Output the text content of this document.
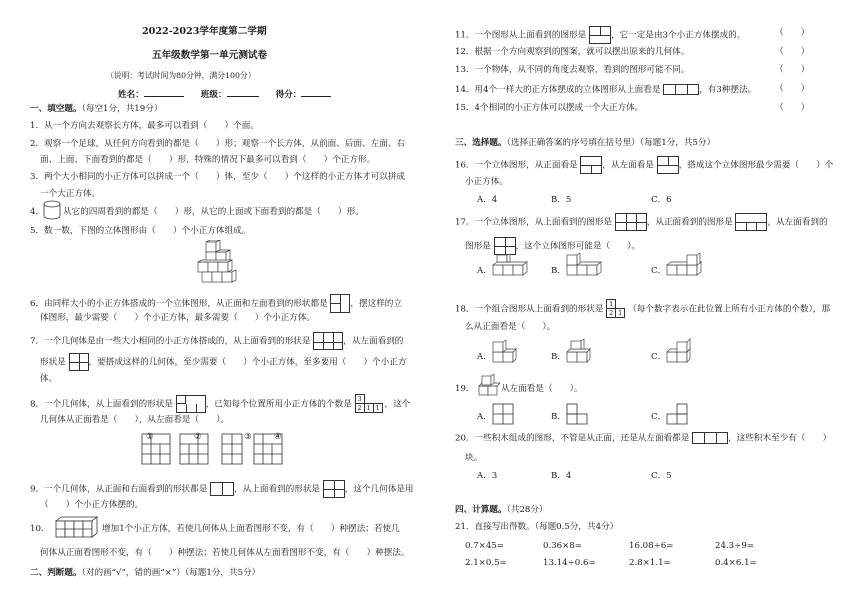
2022-2023学年度第二学期
五年级数学第一单元测试卷
（说明：考试时间为80分钟，满分100分）
姓名：	班级：	得分：
一、填空题。（每空1分，共19分）
1．从一个方向去观察长方体，最多可以看到（　　）个面。
2．观察一个足球，从任何方向看到的都是（　　）形；观察一个长方体，从前面、后面、左面、右
面、上面、下面看到的都是（　　）形，特殊的情况下最多可以看到（　　）个正方形。
3．两个大小相同的小正方体可以拼成一个（　　）体，至少（　　）个这样的小正方体才可以拼成
一个大正方体。
4． 从它的四周看到的都是（　　）形，从它的上面或下面看到的都是（　　）形。
5．数一数，下图的立体图形由（　　）个小正方体组成。
6．由同样大小的小正方体搭成的一个立体图形，从正面和左面看到的形状都是	，摆这样的立
体图形，最少需要（　　）个小正方体，最多需要（　　）个小正方体。
7．一个几何体是由一些大小相同的小正方体搭成的，从上面看到的形状是	，从左面看到的
形状是	，要搭成这样的几何体，至少需要（　　）个小正方体，至多要用（　　）个小正方
体。
8．一个几何体，从上面看到的形状是	，已知每个位置所用小正方体的个数是
3
2 1 1 ，这个
几何体从正面看是（　　），从左面看是（　　）。
①	②	③	④
9．一个几何体，从正面和右面看到的形状都是	，从上面看到的形状是	，这个几何体是用
（　　）个小正方体摆的。
10．	增加1个小正方体，若使几何体从上面看图形不变，有（　　）种摆法；若使几
何体从正面看图形不变，有（　　）种摆法；若使几何体从左面看图形不变，有（　　）种摆法。
二、判断题。（对的画“√”，错的画“×”）（每题1分，共5分）
11．一个图形从上面看到的图形是	，它一定是由3个小正方体摆成的。	（　　）
12．根据一个方向观察到的图案，就可以摆出原来的几何体。	（　　）
13．一个物体，从不同的角度去观察，看到的图形可能不同。	（　　）
14．用4个一样大的正方体摆成的立体图形从上面看是	，有3种摆法。 （　　）
15．4个相同的小正方体可以摆成一个大正方体。	（　　）
三、选择题。（选择正确答案的序号填在括号里）（每题1分，共5分）
16．一个立体图形，从正面看是	，从左面看是	，搭成这个立体图形最少需要（　　）个
小正方体。
A．4	B．5	C．6
17．一个立体图形，从上面看到的图形是	，从正面看到的图形是	，从左面看到的
图形是	，这个立体图形可能是（　　）。
A．	B．	C．
18．一个组合图形从上面看到的形状是
1
2 1 （每个数字表示在此位置上所有小正方体的个数），那
么从正面看是（　　）。
A．	B．	C．
19．	从左面看是（　　）。
A．	B．	C．
20．一些积木组成的图形，不管是从正面，还是从左面看都是	，这些积木至少有（　　）
块。
A．3	B．4	C．5
四、计算题。（共28分）
21．直接写出得数。（每题0.5分，共4分）
0.7×45=	0.36×8=	16.08÷6=	24.3÷9=
2.1×0.5=	13.14÷0.6=	2.8×1.1=	0.4×6.1=
